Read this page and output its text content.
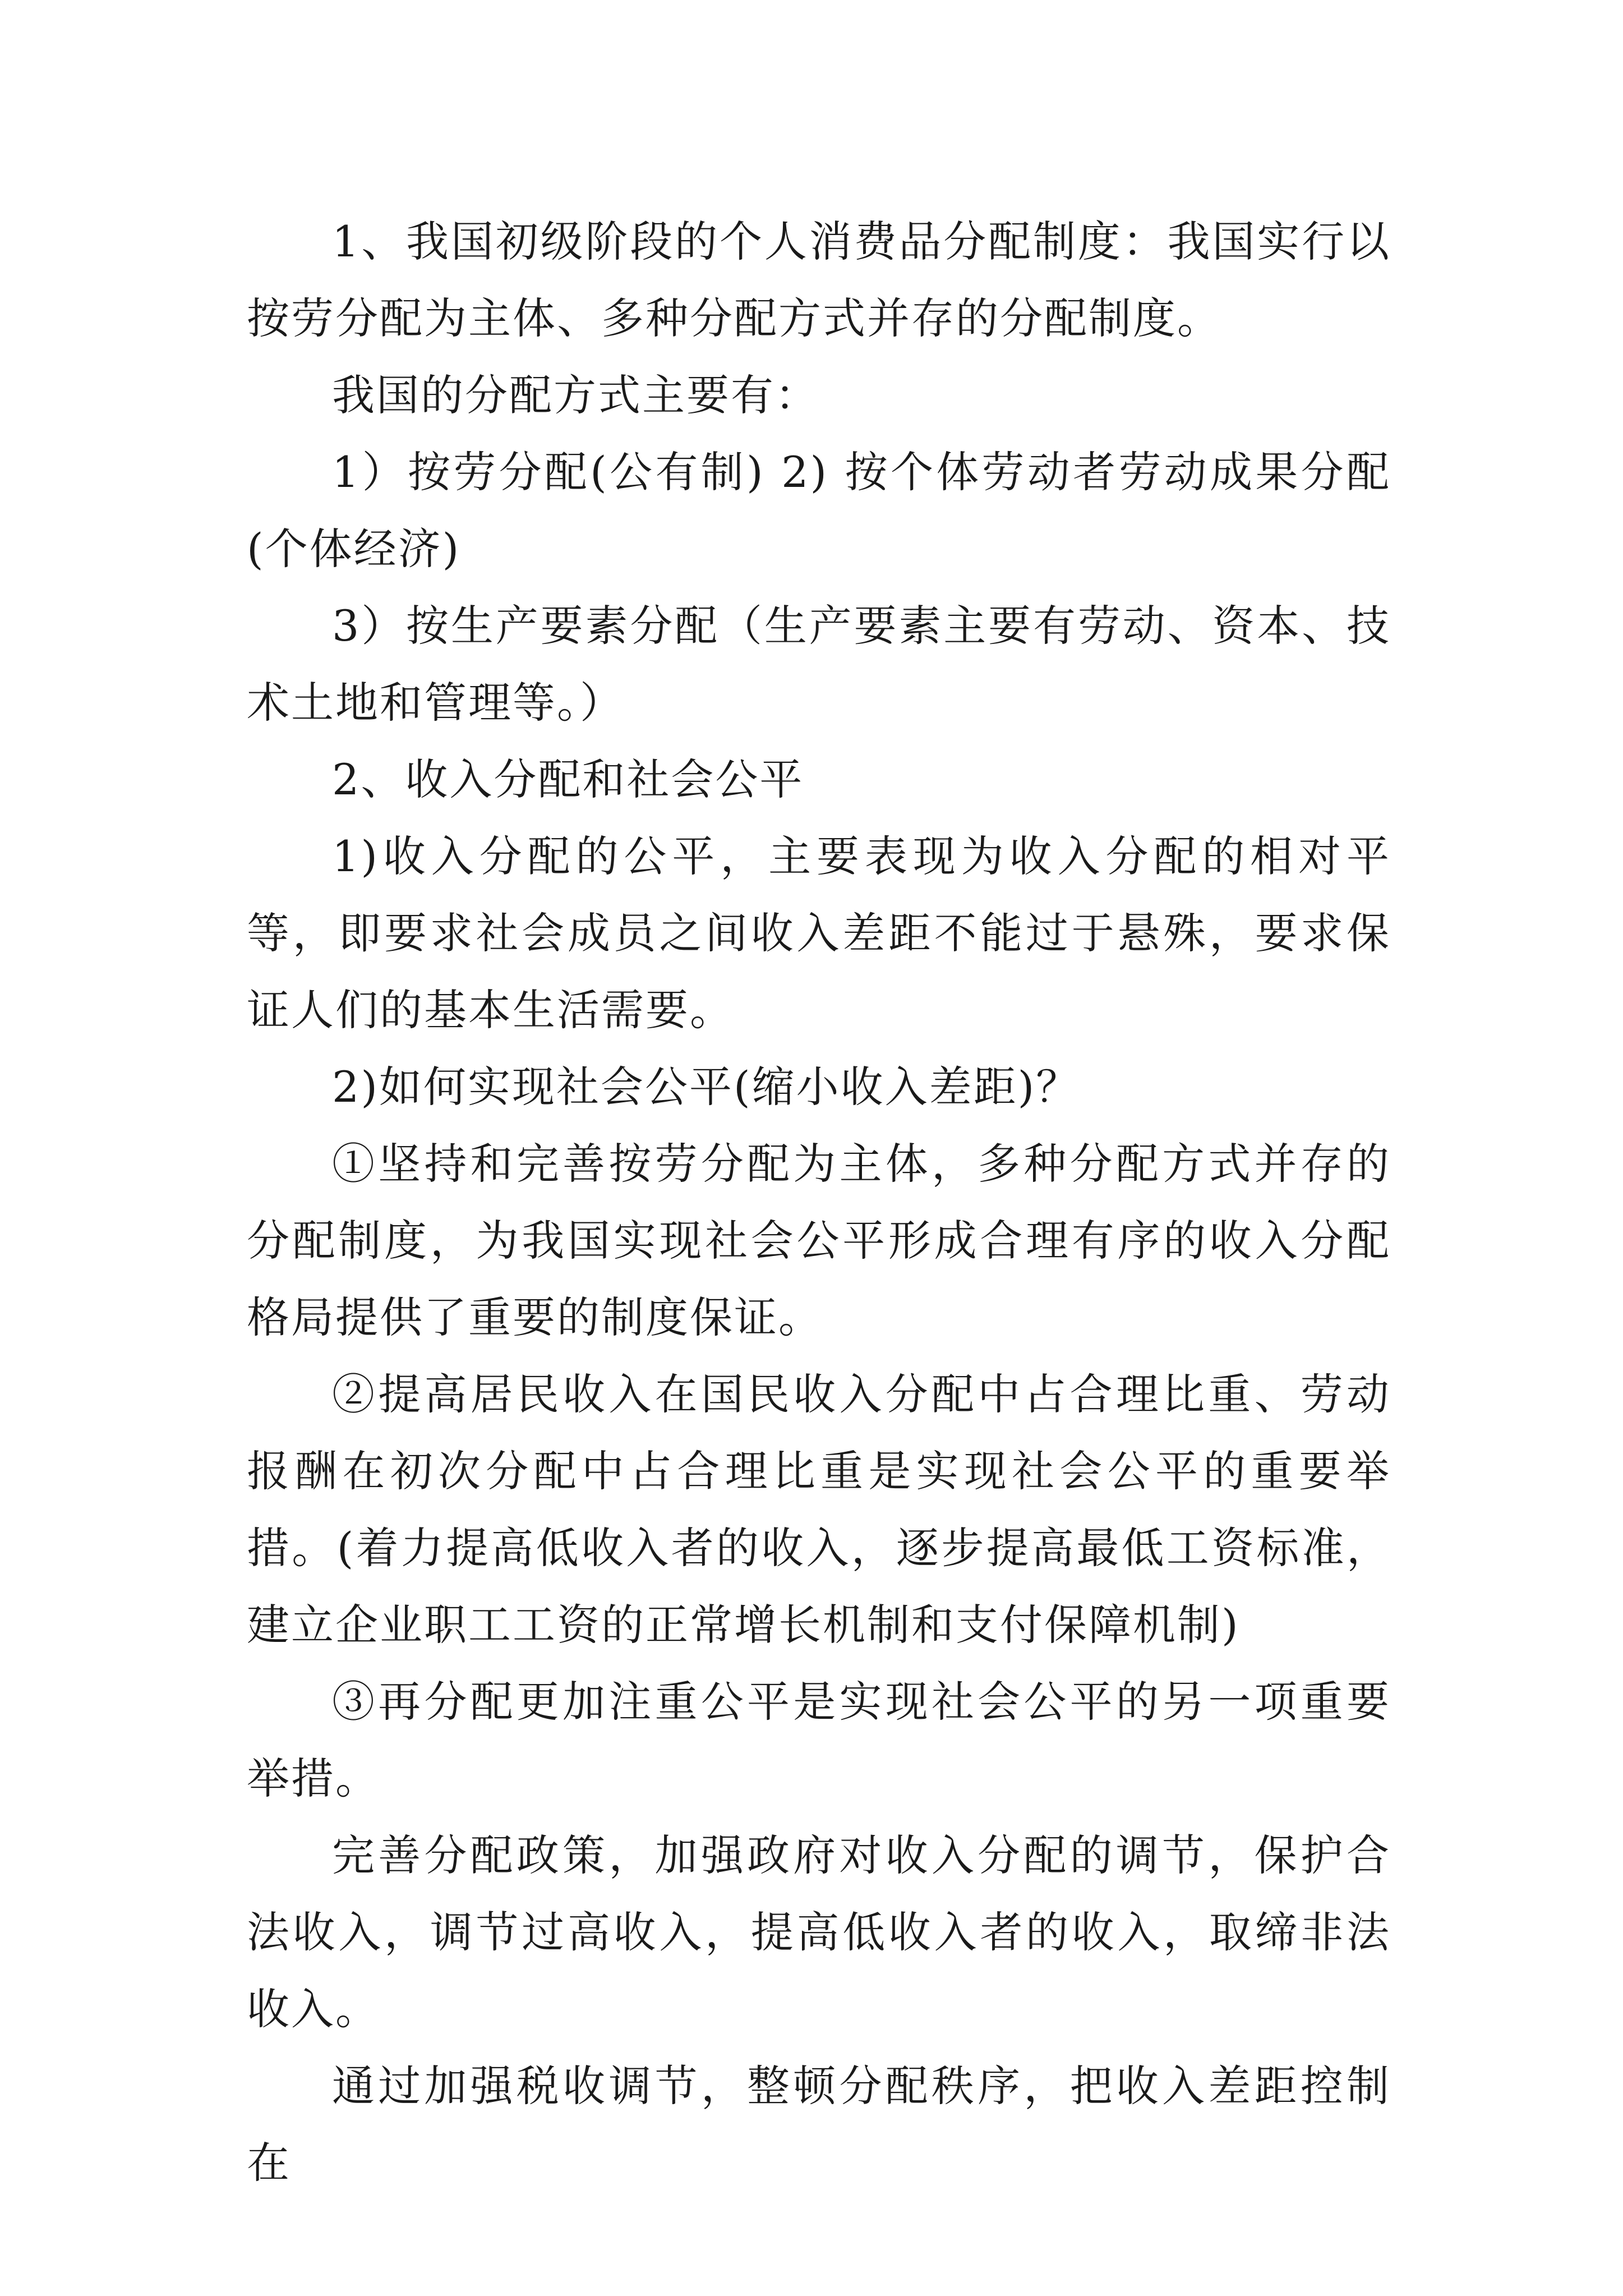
1、我国初级阶段的个人消费品分配制度：我国实行以按劳分配为主体、多种分配方式并存的分配制度。

我国的分配方式主要有：

1）按劳分配(公有制) 2) 按个体劳动者劳动成果分配(个体经济)

3）按生产要素分配（生产要素主要有劳动、资本、技术土地和管理等。）

2、收入分配和社会公平

1)收入分配的公平，主要表现为收入分配的相对平等，即要求社会成员之间收入差距不能过于悬殊，要求保证人们的基本生活需要。

2)如何实现社会公平(缩小收入差距)？

①坚持和完善按劳分配为主体，多种分配方式并存的分配制度，为我国实现社会公平形成合理有序的收入分配格局提供了重要的制度保证。

②提高居民收入在国民收入分配中占合理比重、劳动报酬在初次分配中占合理比重是实现社会公平的重要举措。(着力提高低收入者的收入，逐步提高最低工资标准，建立企业职工工资的正常增长机制和支付保障机制)

③再分配更加注重公平是实现社会公平的另一项重要举措。

完善分配政策，加强政府对收入分配的调节，保护合法收入，调节过高收入，提高低收入者的收入，取缔非法收入。

通过加强税收调节，整顿分配秩序，把收入差距控制在
